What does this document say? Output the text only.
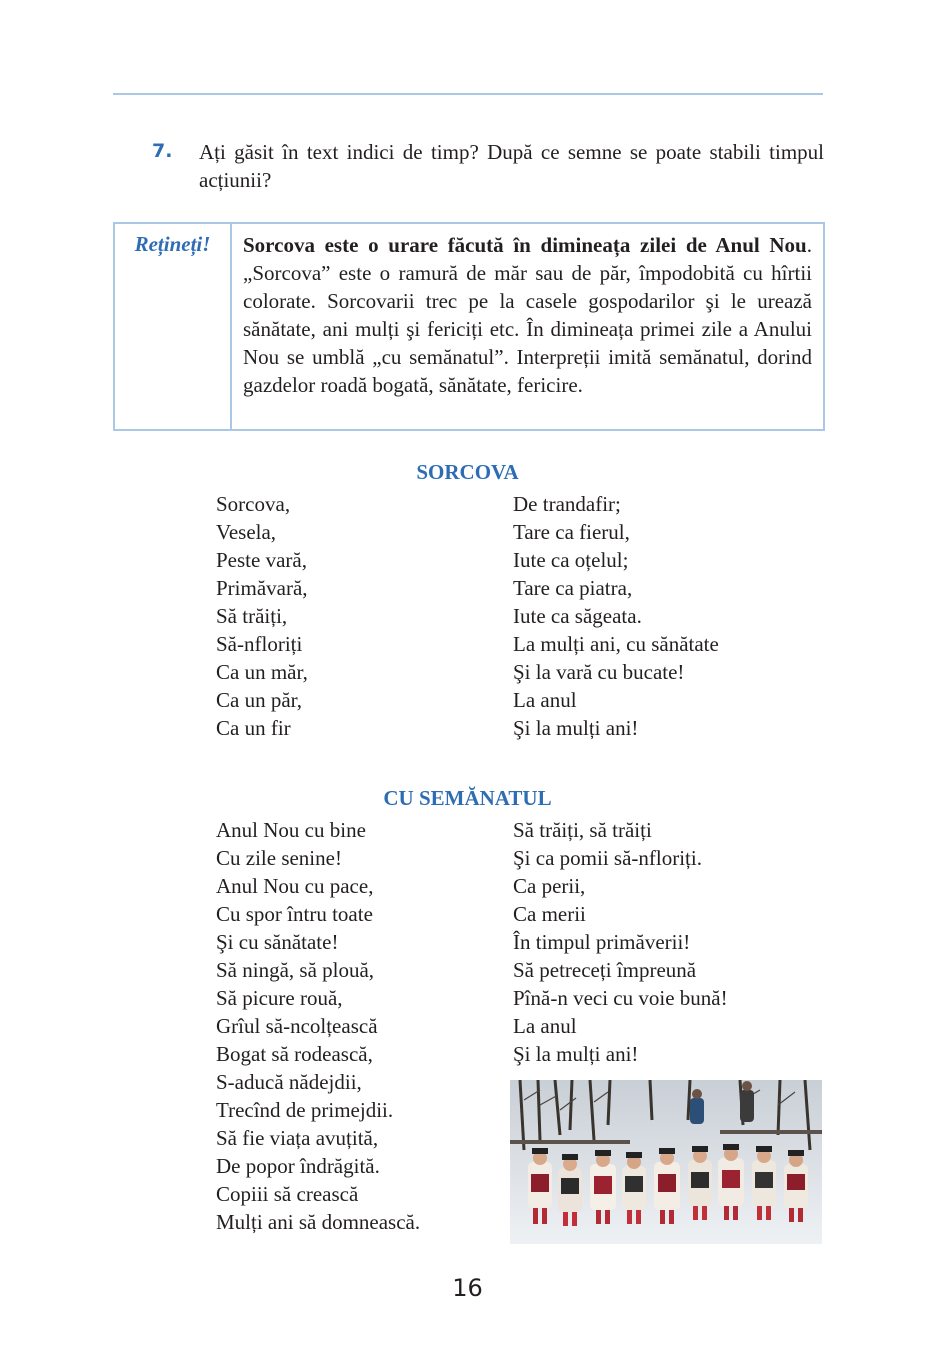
7. Ați găsit în text indici de timp? După ce semne se poate stabili timpul acțiunii?
Rețineți!	Sorcova este o urare făcută în dimineața zilei de Anul Nou. „Sorcova” este o ramură de măr sau de păr, împodobită cu hîrtii colorate. Sorcovarii trec pe la casele gospodarilor şi le urează sănătate, ani mulți şi fericiți etc. În dimineața primei zile a Anului Nou se umblă „cu semănatul”. Interpreții imită semănatul, dorind gazdelor roadă bogată, sănătate, fericire.
SORCOVA
Sorcova,
Vesela,
Peste vară,
Primăvară,
Să trăiți,
Să-nfloriți
Ca un măr,
Ca un păr,
Ca un fir
De trandafir;
Tare ca fierul,
Iute ca oțelul;
Tare ca piatra,
Iute ca săgeata.
La mulți ani, cu sănătate
Şi la vară cu bucate!
La anul
Şi la mulți ani!
CU SEMĂNATUL
Anul Nou cu bine
Cu zile senine!
Anul Nou cu pace,
Cu spor întru toate
Şi cu sănătate!
Să ningă, să plouă,
Să picure rouă,
Grîul să-ncolțească
Bogat să rodească,
S-aducă nădejdii,
Trecînd de primejdii.
Să fie viața avuțită,
De popor îndrăgită.
Copiii să crească
Mulți ani să domnească.
Să trăiți, să trăiți
Şi ca pomii să-nfloriți.
Ca perii,
Ca merii
În timpul primăverii!
Să petreceți împreună
Pînă-n veci cu voie bună!
La anul
Şi la mulți ani!
16
